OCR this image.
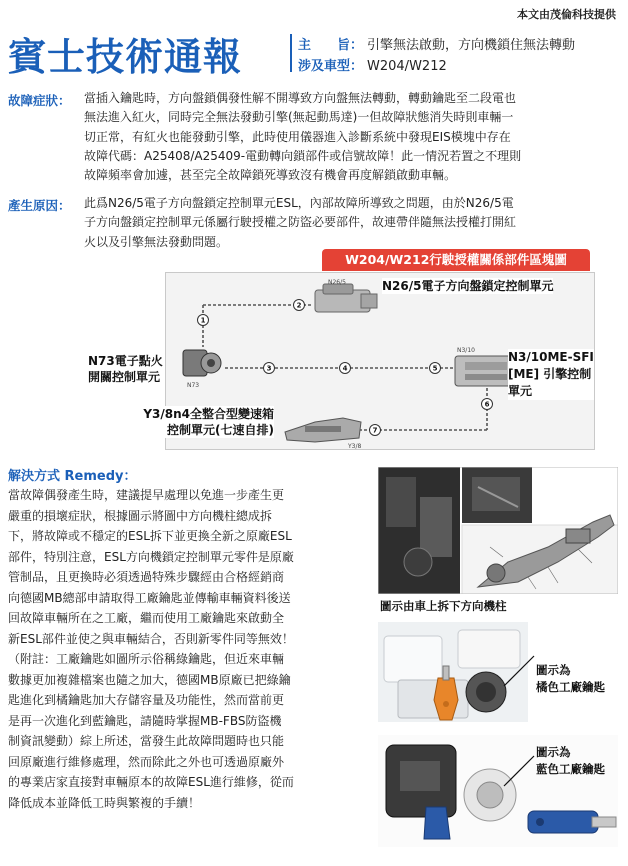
本文由茂倫科技提供
賓士技術通報	主　　旨： 引擎無法啟動，方向機鎖住無法轉動
涉及車型： W204/W212
故障症狀： 當插入鑰匙時，方向盤鎖偶發性解不開導致方向盤無法轉動，轉動鑰匙至二段電也
無法進入紅火，同時完全無法發動引擎(無起動馬達)一但故障狀態消失時則車輛一
切正常，有紅火也能發動引擎，此時使用儀器進入診斷系統中發現EIS模塊中存在
故障代碼：A25408/A25409-電動轉向鎖部件或信號故障！此一情況若置之不理則
故障頻率會加遽，甚至完全故障鎖死導致沒有機會再度解鎖啟動車輛。
產生原因： 此爲N26/5電子方向盤鎖定控制單元ESL，內部故障所導致之問題，由於N26/5電
子方向盤鎖定控制單元係屬行駛授權之防盜必要部件，故連帶伴隨無法授權打開紅
火以及引擎無法發動問題。
W204/W212行駛授權關係部件區塊圖
N26/5
N73
N3/10
Y3/8
2
1
3	4	5
6
7
N26/5電子方向盤鎖定控制單元
N73電子點火
開關控制單元
N3/10ME-SFI
[ME] 引擎控制
單元
Y3/8n4全整合型變速箱
控制單元(七速自排)
解決方式 Remedy：
當故障偶發產生時，建議提早處理以免進一步產生更
嚴重的損壞症狀，根據圖示將圖中方向機柱總成拆
下，將故障或不穩定的ESL拆下並更換全新之原廠ESL
部件，特別注意，ESL方向機鎖定控制單元零件是原廠
管制品，且更換時必須透過特殊步驟經由合格經銷商
向德國MB總部申請取得工廠鑰匙並傳輸車輛資料後送
回故障車輛所在之工廠，繼而使用工廠鑰匙來啟動全
新ESL部件並使之與車輛結合，否則新零件同等無效！
（附註：工廠鑰匙如圖所示俗稱綠鑰匙，但近來車輛
數據更加複雜檔案也隨之加大，德國MB原廠已把綠鑰
匙進化到橘鑰匙加大存儲容量及功能性，然而當前更
是再一次進化到藍鑰匙，請隨時掌握MB-FBS防盜機
制資訊變動）綜上所述，當發生此故障問題時也只能
回原廠進行維修處理，然而除此之外也可透過原廠外
的專業店家直接對車輛原本的故障ESL進行維修，從而
降低成本並降低工時與繁複的手續！
圖示由車上拆下方向機柱
圖示為
橘色工廠鑰匙
圖示為
藍色工廠鑰匙
